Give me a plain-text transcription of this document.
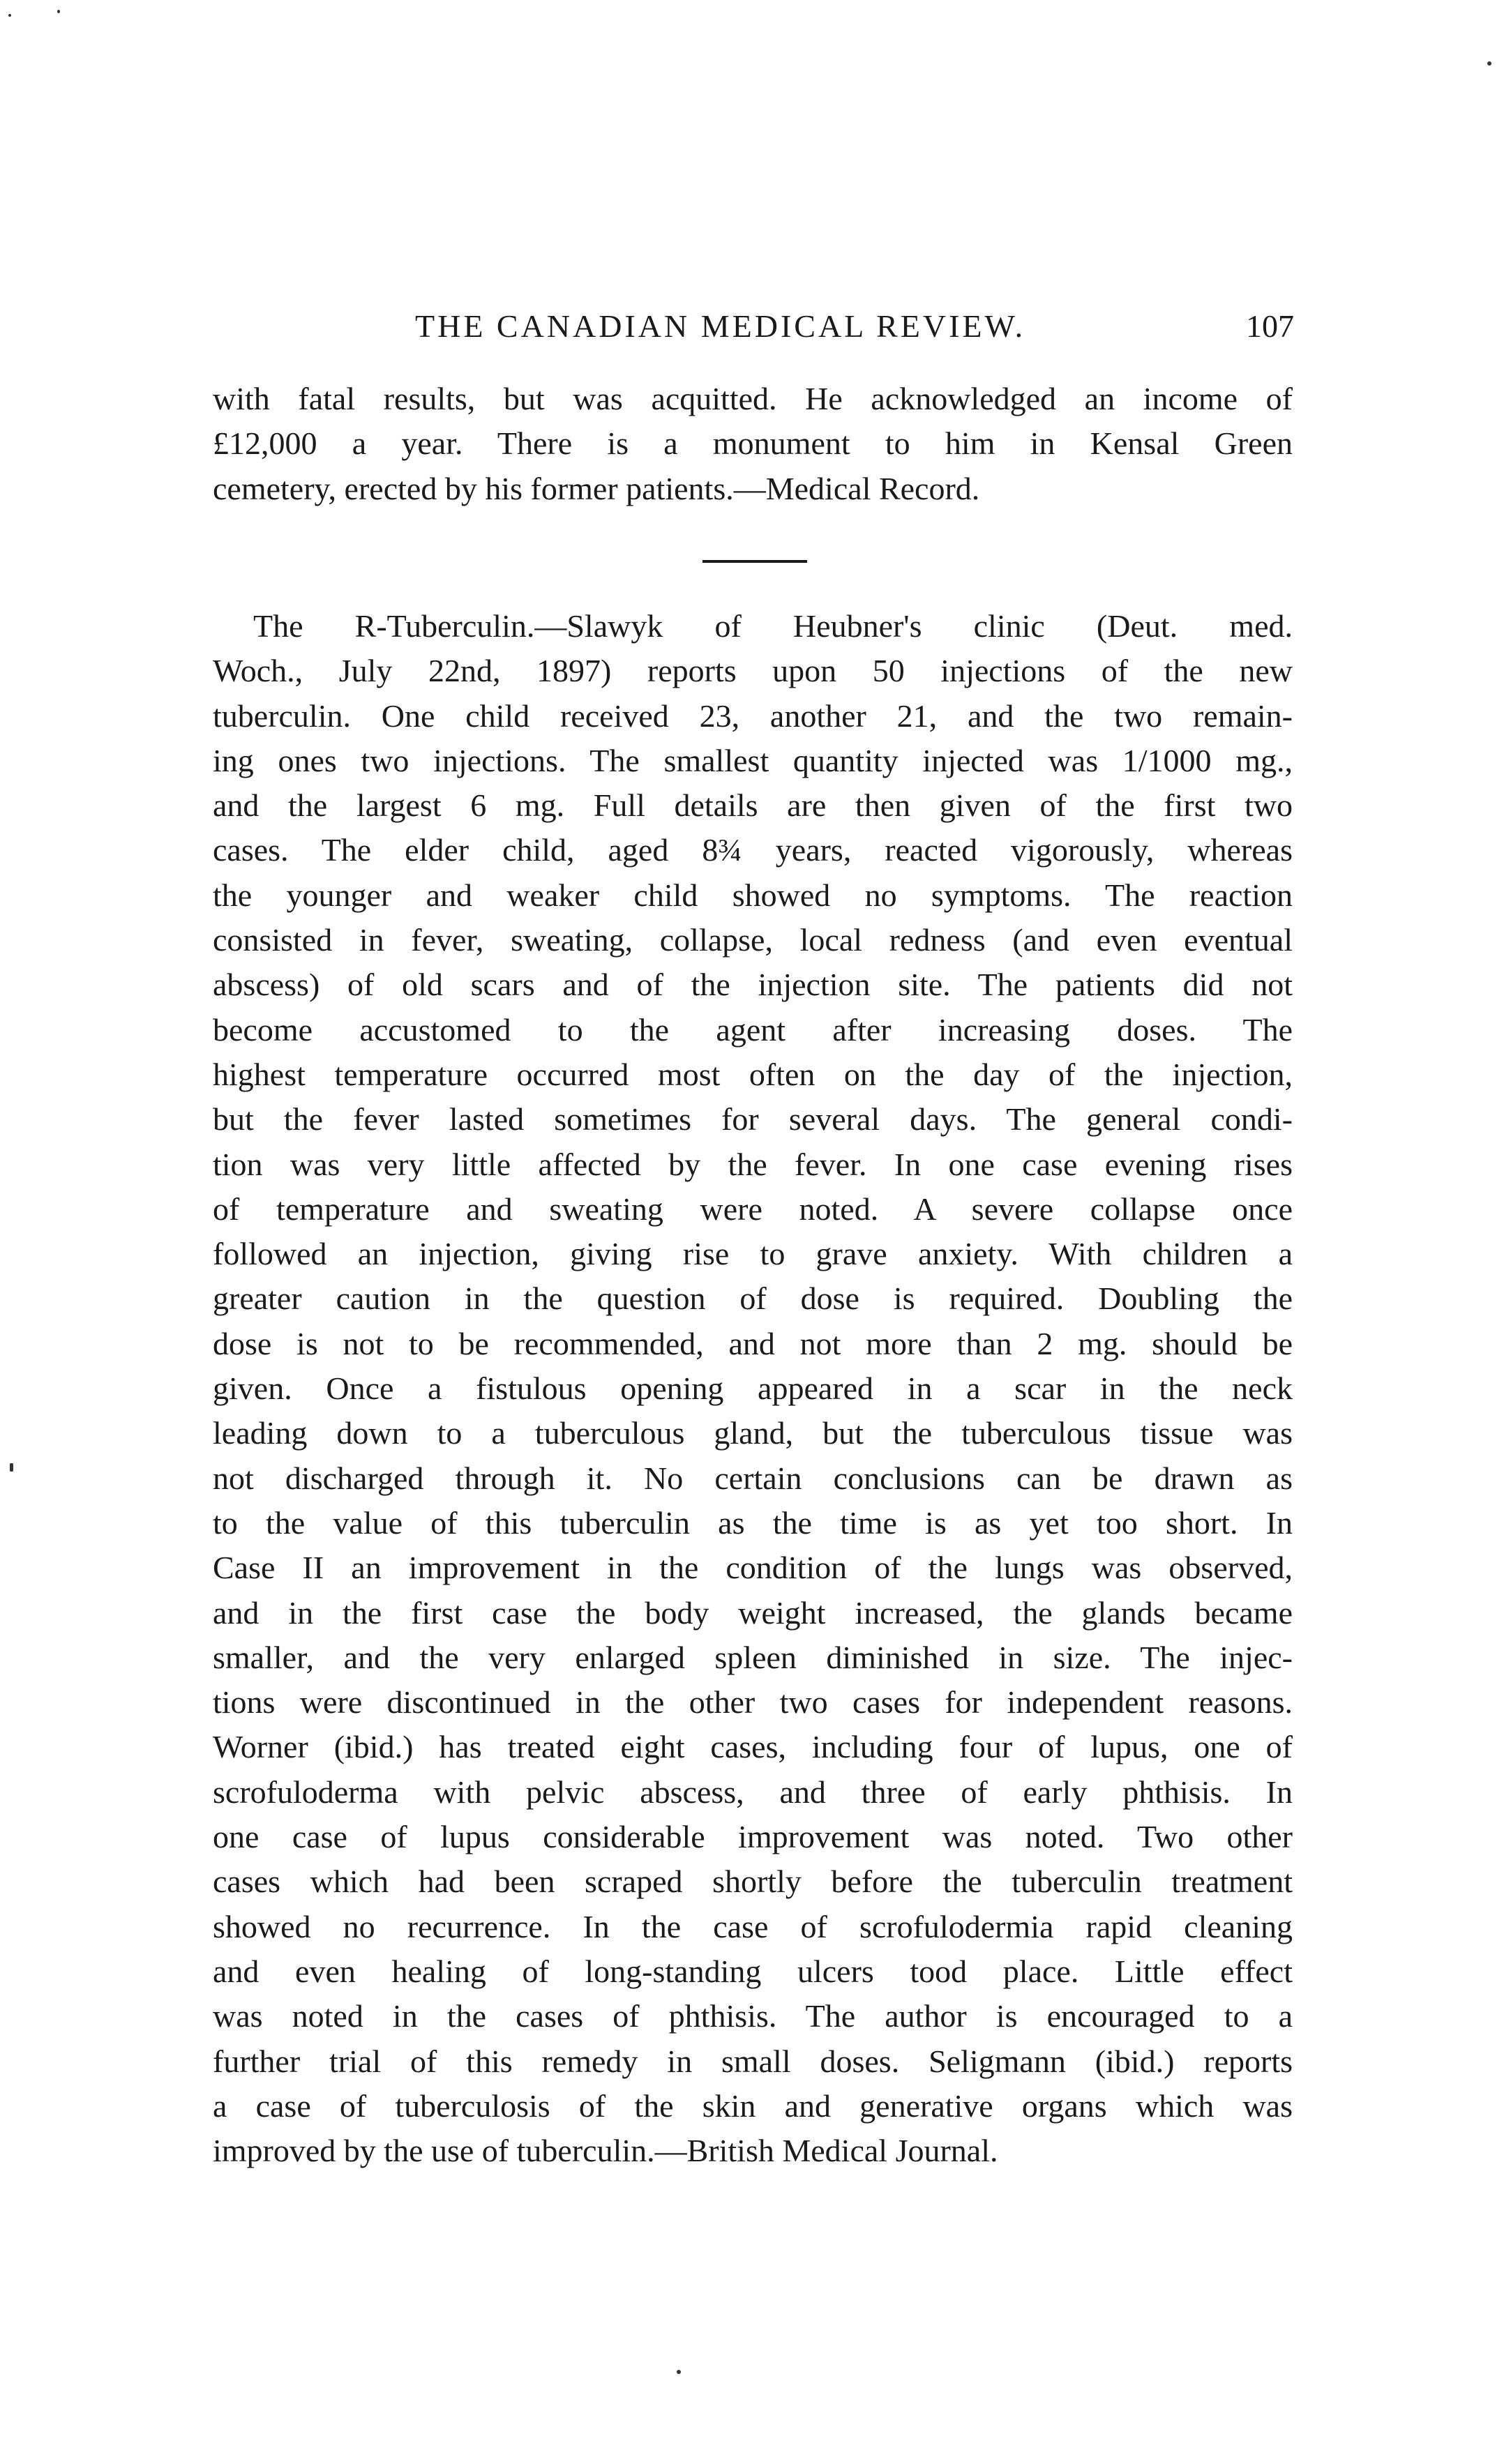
THE CANADIAN MEDICAL REVIEW.	107
with fatal results, but was acquitted. He acknowledged an income of
£12,000 a year. There is a monument to him in Kensal Green
cemetery, erected by his former patients.—Medical Record.
The R-Tuberculin.—Slawyk of Heubner's clinic (Deut. med.
Woch., July 22nd, 1897) reports upon 50 injections of the new
tuberculin. One child received 23, another 21, and the two remain-
ing ones two injections. The smallest quantity injected was 1/1000 mg.,
and the largest 6 mg. Full details are then given of the first two
cases. The elder child, aged 8¾ years, reacted vigorously, whereas
the younger and weaker child showed no symptoms. The reaction
consisted in fever, sweating, collapse, local redness (and even eventual
abscess) of old scars and of the injection site. The patients did not
become accustomed to the agent after increasing doses. The
highest temperature occurred most often on the day of the injection,
but the fever lasted sometimes for several days. The general condi-
tion was very little affected by the fever. In one case evening rises
of temperature and sweating were noted. A severe collapse once
followed an injection, giving rise to grave anxiety. With children a
greater caution in the question of dose is required. Doubling the
dose is not to be recommended, and not more than 2 mg. should be
given. Once a fistulous opening appeared in a scar in the neck
leading down to a tuberculous gland, but the tuberculous tissue was
not discharged through it. No certain conclusions can be drawn as
to the value of this tuberculin as the time is as yet too short. In
Case II an improvement in the condition of the lungs was observed,
and in the first case the body weight increased, the glands became
smaller, and the very enlarged spleen diminished in size. The injec-
tions were discontinued in the other two cases for independent reasons.
Worner (ibid.) has treated eight cases, including four of lupus, one of
scrofuloderma with pelvic abscess, and three of early phthisis. In
one case of lupus considerable improvement was noted. Two other
cases which had been scraped shortly before the tuberculin treatment
showed no recurrence. In the case of scrofulodermia rapid cleaning
and even healing of long-standing ulcers tood place. Little effect
was noted in the cases of phthisis. The author is encouraged to a
further trial of this remedy in small doses. Seligmann (ibid.) reports
a case of tuberculosis of the skin and generative organs which was
improved by the use of tuberculin.—British Medical Journal.
